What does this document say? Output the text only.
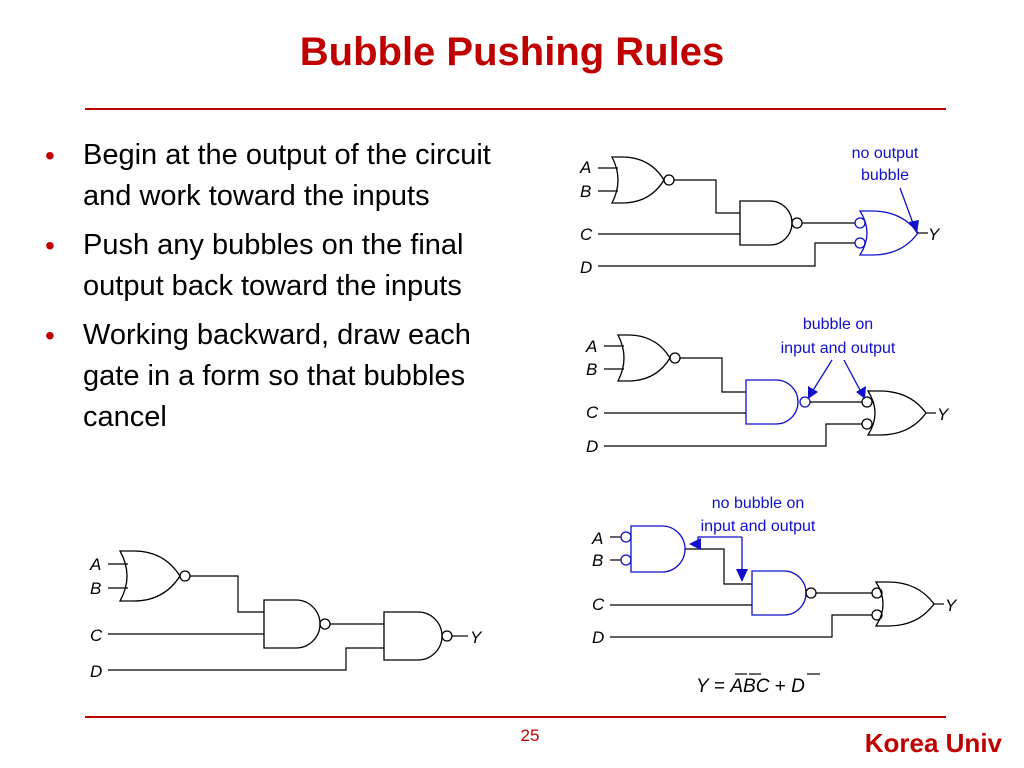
Bubble Pushing Rules
• Begin at the output of the circuit and work toward the inputs
• Push any bubbles on the final output back toward the inputs
• Working backward, draw each gate in a form so that bubbles cancel
A
B
C
D
Y
no output
bubble
A
B
C
D
Y
bubble on
input and output
A
B
C
D
Y
no bubble on
input and output
Y = ABC + D
A
B
C
D
Y
25	Korea Univ
